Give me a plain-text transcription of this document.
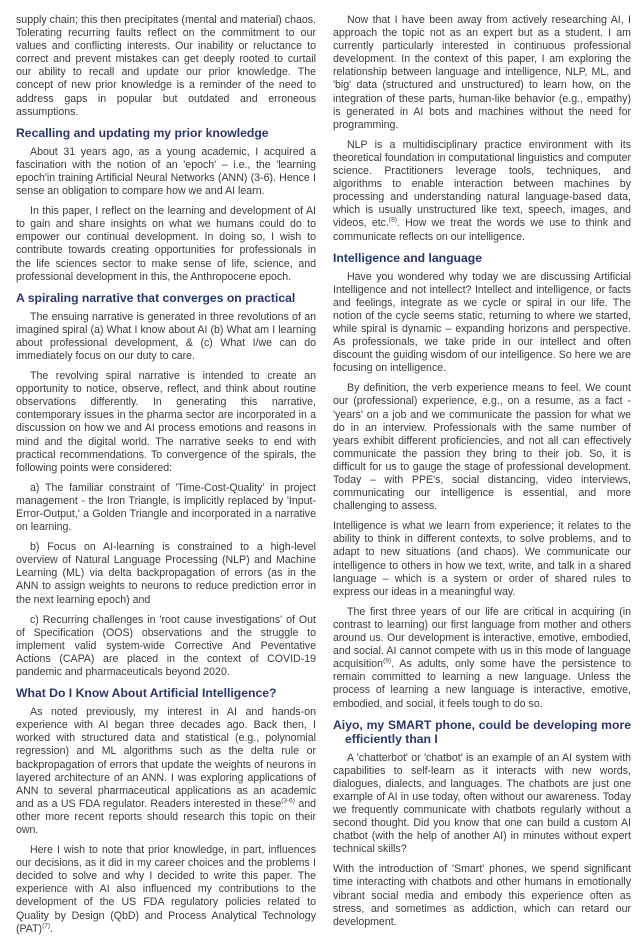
supply chain; this then precipitates (mental and material) chaos. Tolerating recurring faults reflect on the commitment to our values and conflicting interests. Our inability or reluctance to correct and prevent mistakes can get deeply rooted to curtail our ability to recall and update our prior knowledge. The concept of new prior knowledge is a reminder of the need to address gaps in popular but outdated and erroneous assumptions.

Recalling and updating my prior knowledge

About 31 years ago, as a young academic, I acquired a fascination with the notion of an 'epoch' – i.e., the 'learning epoch'in training Artificial Neural Networks (ANN) (3-6). Hence I sense an obligation to compare how we and AI learn.

In this paper, I reflect on the learning and development of AI to gain and share insights on what we humans could do to empower our continual development. In doing so, I wish to contribute towards creating opportunities for professionals in the life sciences sector to make sense of life, science, and professional development in this, the Anthropocene epoch.

A spiraling narrative that converges on practical

The ensuing narrative is generated in three revolutions of an imagined spiral (a) What I know about AI (b) What am I learning about professional development, & (c) What I/we can do immediately focus on our duty to care.

The revolving spiral narrative is intended to create an opportunity to notice, observe, reflect, and think about routine observations differently. In generating this narrative, contemporary issues in the pharma sector are incorporated in a discussion on how we and AI process emotions and reasons in mind and the digital world. The narrative seeks to end with practical recommendations. To convergence of the spirals, the following points were considered:

a) The familiar constraint of 'Time-Cost-Quality' in project management - the Iron Triangle, is implicitly replaced by 'Input-Error-Output,' a Golden Triangle and incorporated in a narrative on learning.

b) Focus on AI-learning is constrained to a high-level overview of Natural Language Processing (NLP) and Machine Learning (ML) via delta backpropagation of errors (as in the ANN to assign weights to neurons to reduce prediction error in the next learning epoch) and

c) Recurring challenges in 'root cause investigations' of Out of Specification (OOS) observations and the struggle to implement valid system-wide Corrective And Peventative Actions (CAPA) are placed in the context of COVID-19 pandemic and pharmaceuticals beyond 2020.

What Do I Know About Artificial Intelligence?

As noted previously, my interest in AI and hands-on experience with AI began three decades ago. Back then, I worked with structured data and statistical (e.g., polynomial regression) and ML algorithms such as the delta rule or backpropagation of errors that update the weights of neurons in layered architecture of an ANN. I was exploring applications of ANN to several pharmaceutical applications as an academic and as a US FDA regulator. Readers interested in these$^{(3-6)}$ and other more recent reports should research this topic on their own.

Here I wish to note that prior knowledge, in part, influences our decisions, as it did in my career choices and the problems I decided to solve and why I decided to write this paper. The experience with AI also influenced my contributions to the development of the US FDA regulatory policies related to Quality by Design (QbD) and Process Analytical Technology (PAT)$^{(7)}$.

Now that I have been away from actively researching AI, I approach the topic not as an expert but as a student. I am currently particularly interested in continuous professional development. In the context of this paper, I am exploring the relationship between language and intelligence, NLP, ML, and 'big' data (structured and unstructured) to learn how, on the integration of these parts, human-like behavior (e.g., empathy) is generated in AI bots and machines without the need for programming.

NLP is a multidisciplinary practice environment with its theoretical foundation in computational linguistics and computer science. Practitioners leverage tools, techniques, and algorithms to enable interaction between machines by processing and understanding natural language-based data, which is usually unstructured like text, speech, images, and videos, etc.$^{(8)}$. How we treat the words we use to think and communicate reflects on our intelligence.

Intelligence and language

Have you wondered why today we are discussing Artificial Intelligence and not intellect? Intellect and intelligence, or facts and feelings, integrate as we cycle or spiral in our life. The notion of the cycle seems static, returning to where we started, while spiral is dynamic – expanding horizons and perspective. As professionals, we take pride in our intellect and often discount the guiding wisdom of our intelligence. So here we are focusing on intelligence.

By definition, the verb experience means to feel. We count our (professional) experience, e.g., on a resume, as a fact - 'years' on a job and we communicate the passion for what we do in an interview. Professionals with the same number of years exhibit different proficiencies, and not all can effectively communicate the passion they bring to their job. So, it is difficult for us to gauge the stage of professional development. Today – with PPE's, social distancing, video interviews, communicating our intelligence is essential, and more challenging to assess.

Intelligence is what we learn from experience; it relates to the ability to think in different contexts, to solve problems, and to adapt to new situations (and chaos). We communicate our intelligence to others in how we text, write, and talk in a shared language – which is a system or order of shared rules to express our ideas in a meaningful way.

The first three years of our life are critical in acquiring (in contrast to learning) our first language from mother and others around us. Our development is interactive, emotive, embodied, and social. AI cannot compete with us in this mode of language acquisition$^{(9)}$. As adults, only some have the persistence to remain committed to learning a new language. Unless the process of learning a new language is interactive, emotive, embodied, and social, it feels tough to do so.

Aiyo, my SMART phone, could be developing more efficiently than I

A 'chatterbot' or 'chatbot' is an example of an AI system with capabilities to self-learn as it interacts with new words, dialogues, dialects, and languages. The chatbots are just one example of AI in use today, often without our awareness. Today we frequently communicate with chatbots regularly without a second thought. Did you know that one can build a custom AI chatbot (with the help of another AI) in minutes without expert technical skills?

With the introduction of 'Smart' phones, we spend significant time interacting with chatbots and other humans in emotionally vibrant social media and embody this experience often as stress, and sometimes as addiction, which can retard our development.
